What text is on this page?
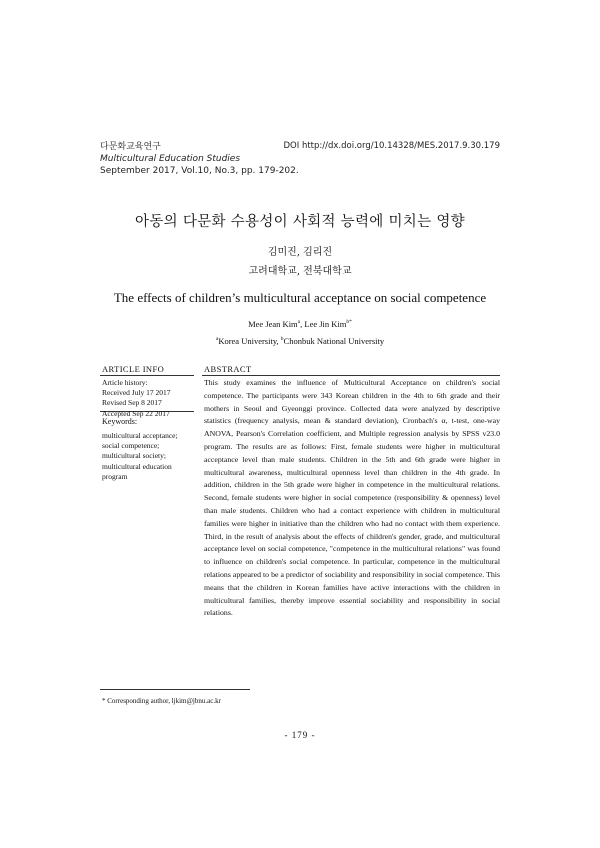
다문화교육연구
Multicultural Education Studies
September 2017, Vol.10, No.3, pp. 179-202.
DOI http://dx.doi.org/10.14328/MES.2017.9.30.179
아동의 다문화 수용성이 사회적 능력에 미치는 영향
김미진, 김리진
고려대학교, 전북대학교
The effects of children’s multicultural acceptance on social competence
Mee Jean Kim$^a$, Lee Jin Kim$^{b*}$
$^a$Korea University, $^b$Chonbuk National University
ARTICLE INFO	ABSTRACT
Article history:
Received July 17 2017
Revised Sep 8 2017
Accepted Sep 22 2017
Keywords:
multicultural acceptance;
social competence;
multicultural society;
multicultural education
program
This study examines the influence of Multicultural Acceptance on children's social competence. The participants were 343 Korean children in the 4th to 6th grade and their mothers in Seoul and Gyeonggi province. Collected data were analyzed by descriptive statistics (frequency analysis, mean & standard deviation), Cronbach's α, t-test, one-way ANOVA, Pearson's Correlation coefficient, and Multiple regression analysis by SPSS v23.0 program. The results are as follows: First, female students were higher in multicultural acceptance level than male students. Children in the 5th and 6th grade were higher in multicultural awareness, multicultural openness level than children in the 4th grade. In addition, children in the 5th grade were higher in competence in the multicultural relations. Second, female students were higher in social competence (responsibility & openness) level than male students. Children who had a contact experience with children in multicultural families were higher in initiative than the children who had no contact with them experience. Third, in the result of analysis about the effects of children's gender, grade, and multicultural acceptance level on social competence, "competence in the multicultural relations" was found to influence on children's social competence. In particular, competence in the multicultural relations appeared to be a predictor of sociability and responsibility in social competence. This means that the children in Korean families have active interactions with the children in multicultural families, thereby improve essential sociability and responsibility in social relations.
* Corresponding author, ljkim@jbnu.ac.kr
- 179 -
